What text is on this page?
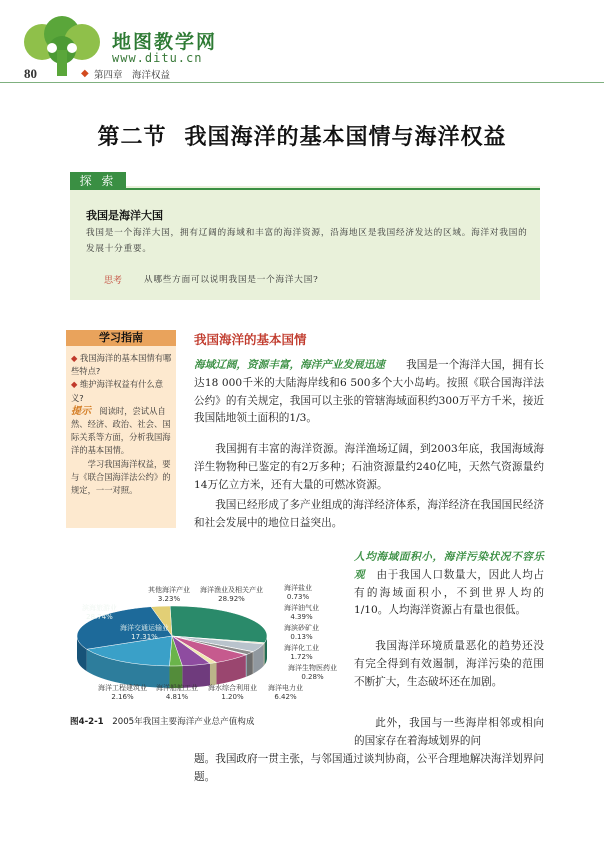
地图教学网
www.ditu.cn
80	◆ 第四章　海洋权益
第二节 我国海洋的基本国情与海洋权益
探 索
我国是海洋大国
我国是一个海洋大国，拥有辽阔的海域和丰富的海洋资源，沿海地区是我国经济发达的区域。海洋对我国的发展十分重要。
思考	从哪些方面可以说明我国是一个海洋大国?
学习指南
◆ 我国海洋的基本国情有哪些特点?
◆ 维护海洋权益有什么意义?
提示　 阅读时，尝试从自然、经济、政治、社会、国际关系等方面，分析我国海洋的基本国情。
学习我国海洋权益，要与《联合国海洋法公约》的规定，一一对照。
我国海洋的基本国情
海域辽阔，资源丰富，海洋产业发展迅速　　 我国是一个海洋大国，拥有长达18 000千米的大陆海岸线和6 500多个大小岛屿。按照《联合国海洋法公约》的有关规定，我国可以主张的管辖海域面积约300万平方千米，接近我国陆地领土面积的1/3。
我国拥有丰富的海洋资源。海洋渔场辽阔，到2003年底，我国海域海洋生物物种已鉴定的有2万多种；石油资源量约240亿吨，天然气资源量约14万亿立方米，还有大量的可燃冰资源。
我国已经形成了多产业组成的海洋经济体系，海洋经济在我国国民经济和社会发展中的地位日益突出。
人均海域面积小，海洋污染状况不容乐观　 由于我国人口数量大，因此人均占有的海域面积小，不到世界人均的1/10。人均海洋资源占有量也很低。
我国海洋环境质量恶化的趋势还没有完全得到有效遏制，海洋污染的范围不断扩大，生态破坏还在加剧。
此外，我国与一些海岸相邻或相向的国家存在着海域划界的问
题。我国政府一贯主张，与邻国通过谈判协商，公平合理地解决海洋划界问题。
其他海洋产业
3.23%
海洋渔业及相关产业
28.92%
海洋盐业
0.73%
海洋油气业
4.39%
海滨砂矿业
0.13%
海洋化工业
1.72%
海洋生物医药业
0.28%
海洋电力业
6.42%
海水综合利用业
1.20%
海洋船舶工业
4.81%
海洋工程建筑业
2.16%
海洋交通运输业
17.31%
滨海旅游业
28.74%
图4-2-1　 2005年我国主要海洋产业总产值构成
